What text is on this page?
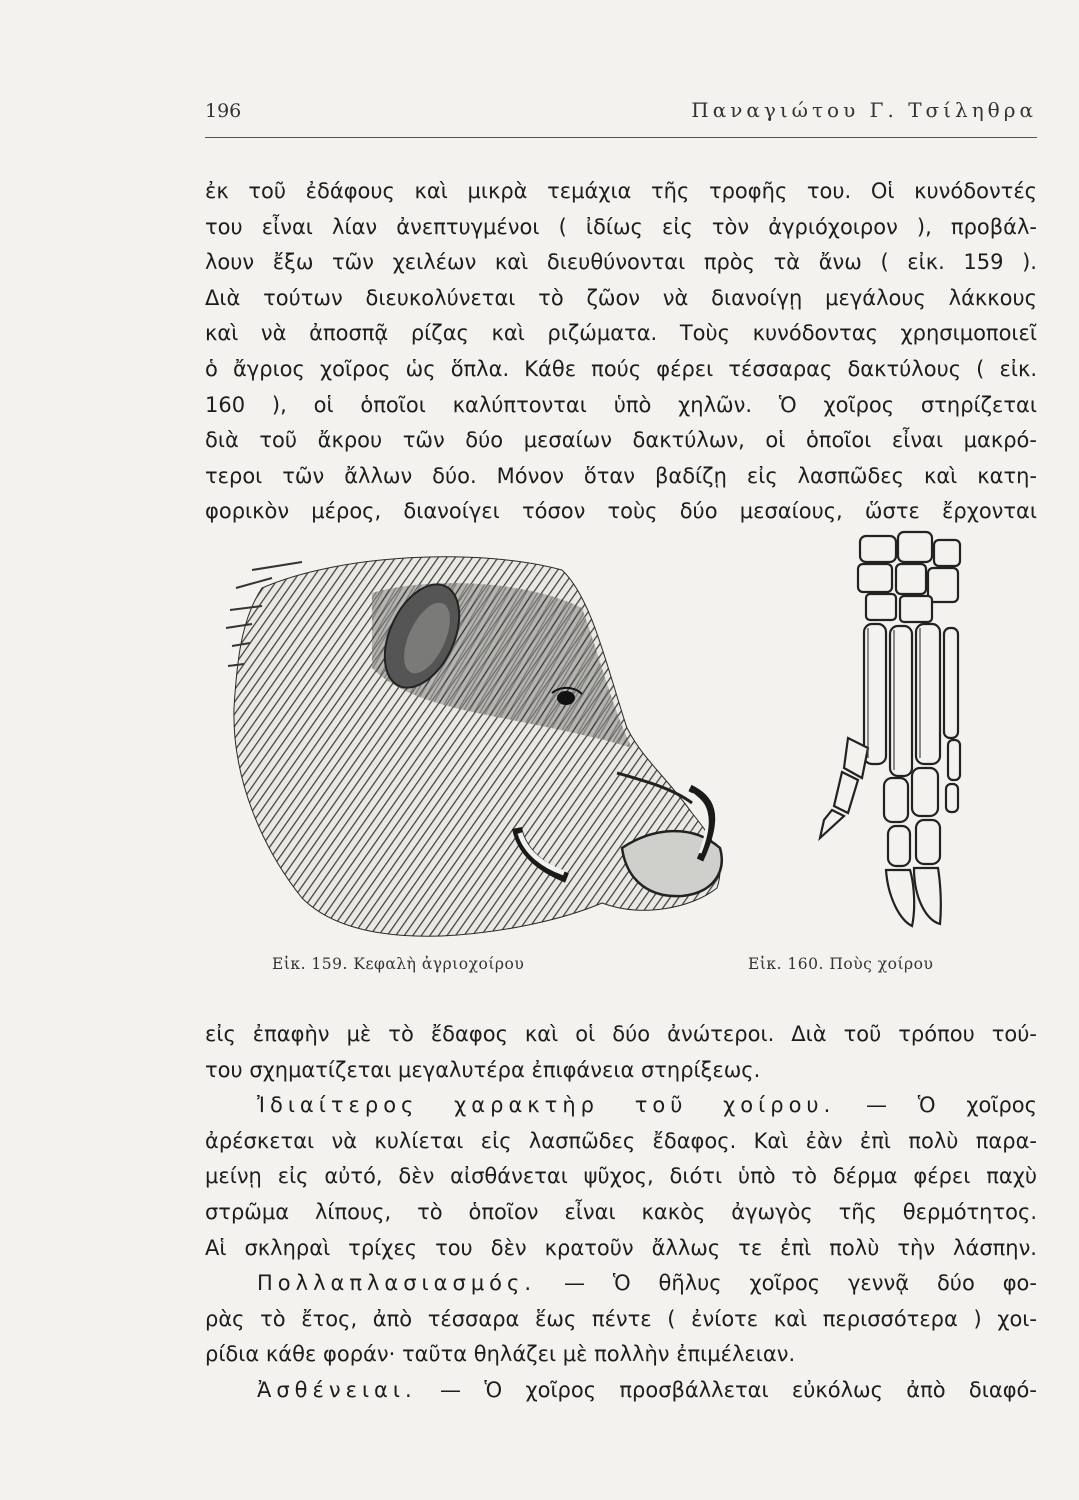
196	Παναγιώτου Γ. Τσίληθρα
ἐκ τοῦ ἐδάφους καὶ μικρὰ τεμάχια τῆς τροφῆς του. Οἱ κυνόδοντές
του εἶναι λίαν ἀνεπτυγμένοι ( ἰδίως εἰς τὸν ἀγριόχοιρον ), προβάλ-
λουν ἔξω τῶν χειλέων καὶ διευθύνονται πρὸς τὰ ἄνω ( εἰκ. 159 ).
Διὰ τούτων διευκολύνεται τὸ ζῶον νὰ διανοίγῃ μεγάλους λάκκους
καὶ νὰ ἀποσπᾷ ρίζας καὶ ριζώματα. Τοὺς κυνόδοντας χρησιμοποιεῖ
ὁ ἄγριος χοῖρος ὡς ὅπλα. Κάθε πούς φέρει τέσσαρας δακτύλους ( εἰκ.
160 ), οἱ ὁποῖοι καλύπτονται ὑπὸ χηλῶν. Ὁ χοῖρος στηρίζεται
διὰ τοῦ ἄκρου τῶν δύο μεσαίων δακτύλων, οἱ ὁποῖοι εἶναι μακρό-
τεροι τῶν ἄλλων δύο. Μόνον ὅταν βαδίζῃ εἰς λασπῶδες καὶ κατη-
φορικὸν μέρος, διανοίγει τόσον τοὺς δύο μεσαίους, ὥστε ἔρχονται
Εἰκ. 159. Κεφαλὴ ἀγριοχοίρου	Εἰκ. 160. Ποὺς χοίρου
εἰς ἐπαφὴν μὲ τὸ ἔδαφος καὶ οἱ δύο ἀνώτεροι. Διὰ τοῦ τρόπου τού-
του σχηματίζεται μεγαλυτέρα ἐπιφάνεια στηρίξεως.
Ἰδιαίτερος χαρακτὴρ τοῦ χοίρου. — Ὁ χοῖρος
ἀρέσκεται νὰ κυλίεται εἰς λασπῶδες ἔδαφος. Καὶ ἐὰν ἐπὶ πολὺ παρα-
μείνῃ εἰς αὐτό, δὲν αἰσθάνεται ψῦχος, διότι ὑπὸ τὸ δέρμα φέρει παχὺ
στρῶμα λίπους, τὸ ὁποῖον εἶναι κακὸς ἀγωγὸς τῆς θερμότητος.
Αἱ σκληραὶ τρίχες του δὲν κρατοῦν ἄλλως τε ἐπὶ πολὺ τὴν λάσπην.
Πολλαπλασιασμός. — Ὁ θῆλυς χοῖρος γεννᾷ δύο φο-
ρὰς τὸ ἔτος, ἀπὸ τέσσαρα ἕως πέντε ( ἐνίοτε καὶ περισσότερα ) χοι-
ρίδια κάθε φοράν· ταῦτα θηλάζει μὲ πολλὴν ἐπιμέλειαν.
Ἀσθένειαι. — Ὁ χοῖρος προσβάλλεται εὐκόλως ἀπὸ διαφό-
